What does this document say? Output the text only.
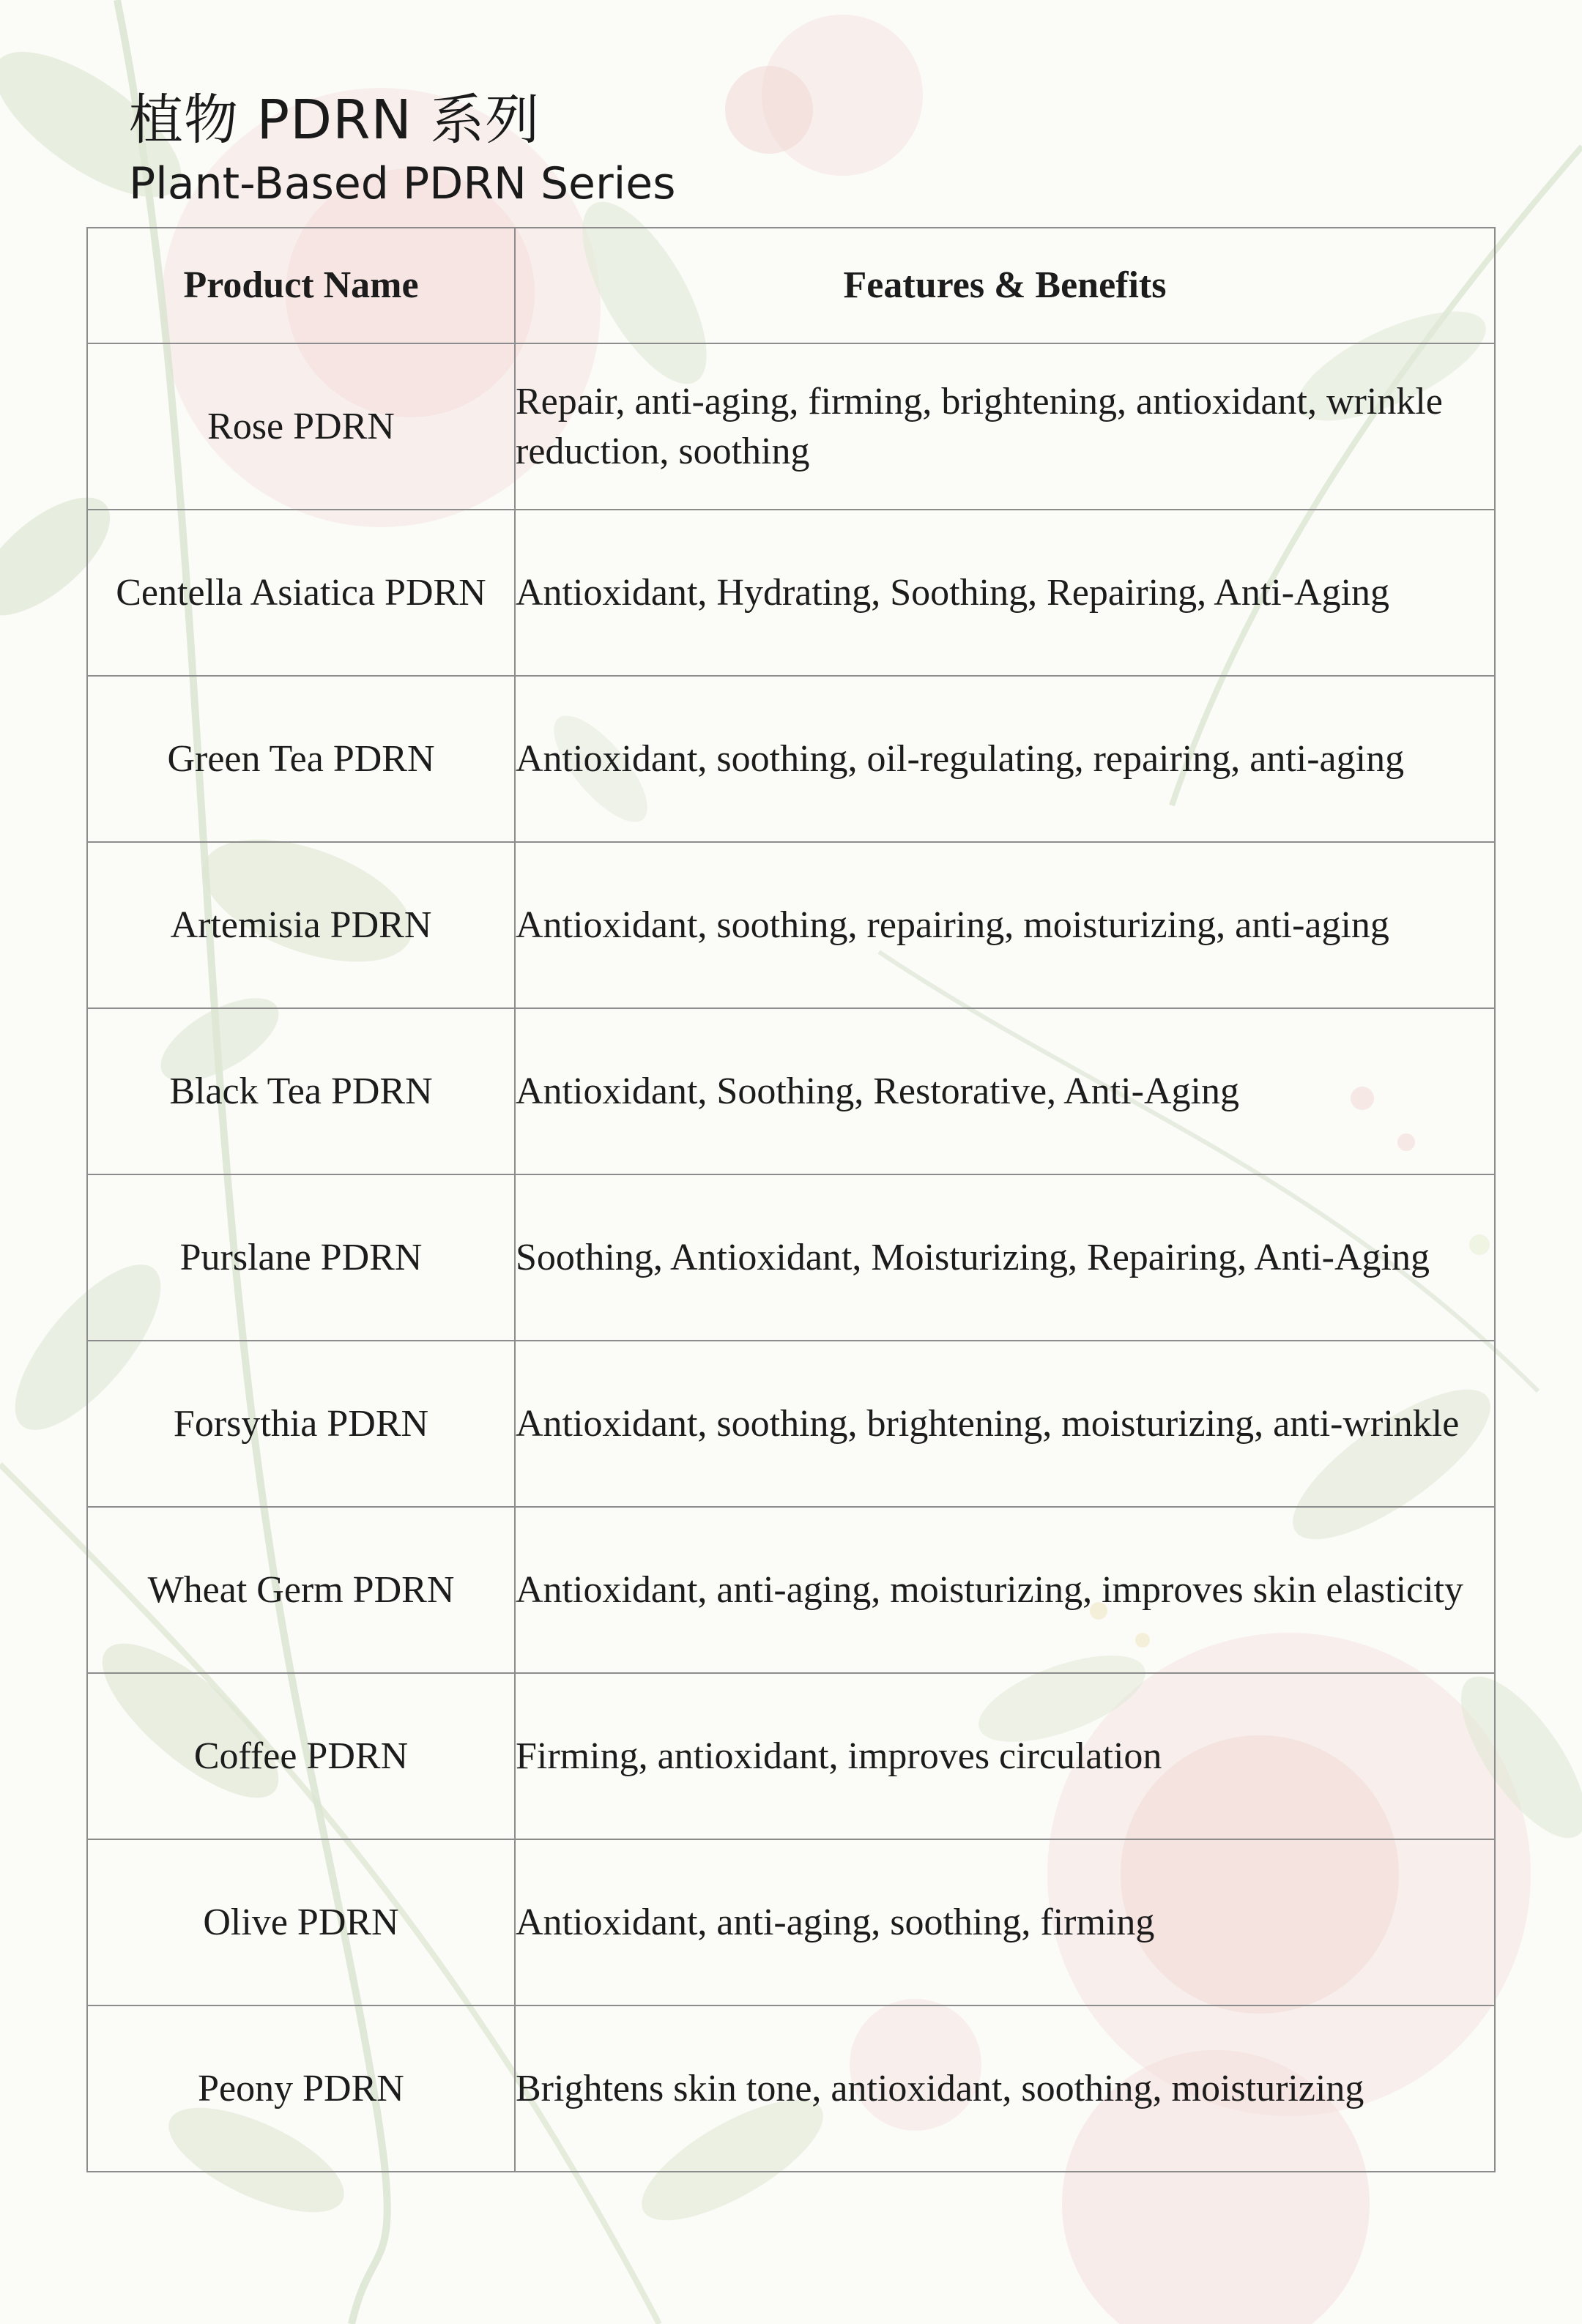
植物 PDRN 系列
Plant-Based PDRN Series
Product Name	Features & Benefits
Rose PDRN	Repair, anti-aging, firming, brightening, antioxidant, wrinkle reduction, soothing
Centella Asiatica PDRN	Antioxidant, Hydrating, Soothing, Repairing, Anti-Aging
Green Tea PDRN	Antioxidant, soothing, oil-regulating, repairing, anti-aging
Artemisia PDRN	Antioxidant, soothing, repairing, moisturizing, anti-aging
Black Tea PDRN	Antioxidant, Soothing, Restorative, Anti-Aging
Purslane PDRN	Soothing, Antioxidant, Moisturizing, Repairing, Anti-Aging
Forsythia PDRN	Antioxidant, soothing, brightening, moisturizing, anti-wrinkle
Wheat Germ PDRN	Antioxidant, anti-aging, moisturizing, improves skin elasticity
Coffee PDRN	Firming, antioxidant, improves circulation
Olive PDRN	Antioxidant, anti-aging, soothing, firming
Peony PDRN	Brightens skin tone, antioxidant, soothing, moisturizing
